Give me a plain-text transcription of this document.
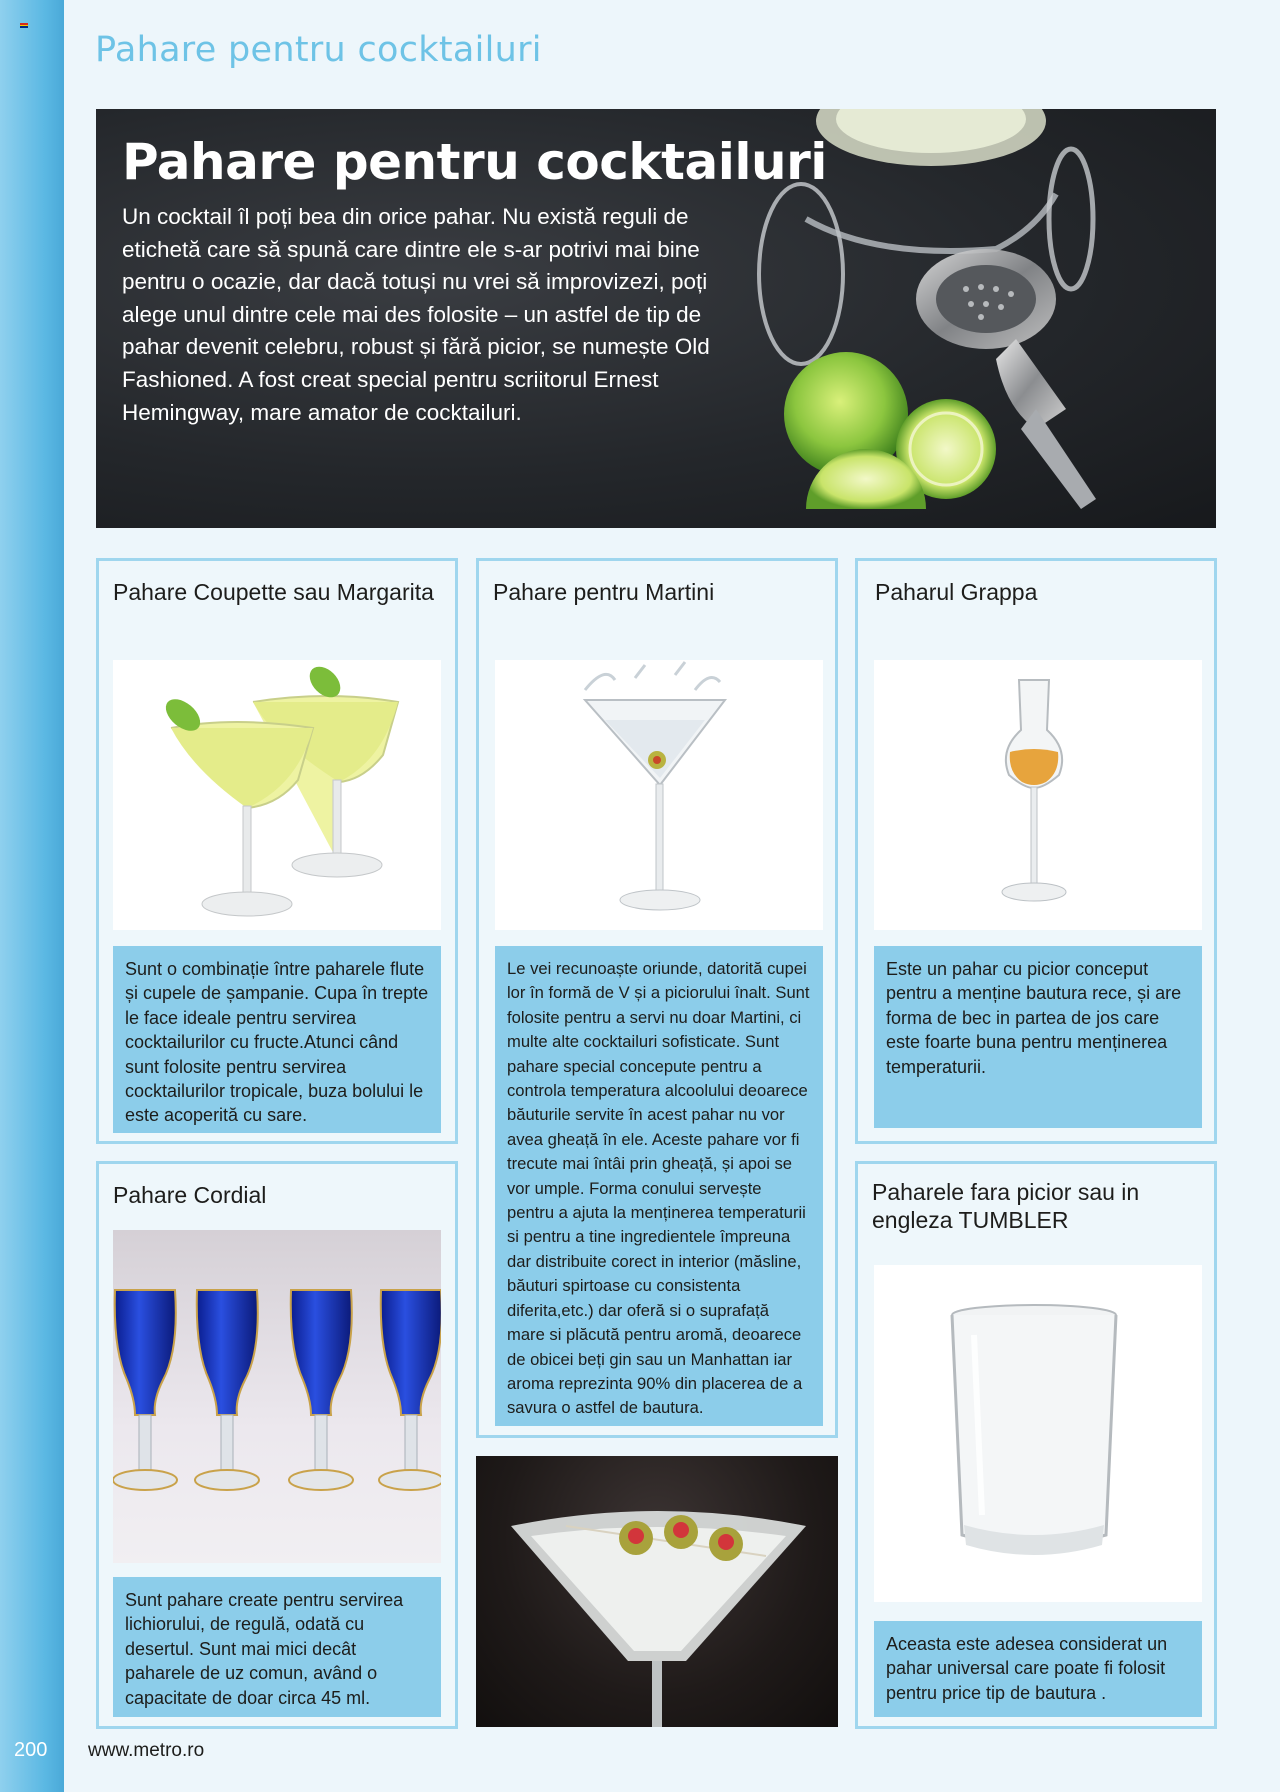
200
Pahare pentru cocktailuri
Pahare pentru cocktailuri
Un cocktail îl poți bea din orice pahar. Nu există reguli de etichetă care să spună care dintre ele s-ar potrivi mai bine pentru o ocazie, dar dacă totuși nu vrei să improvizezi, poți alege unul dintre cele mai des folosite – un astfel de tip de pahar devenit celebru, robust și fără picior, se numește Old Fashioned. A fost creat special pentru scriitorul Ernest Hemingway, mare amator de cocktailuri.
Pahare Coupette sau Margarita
Sunt o combinație între paharele flute și cupele de șampanie. Cupa în trepte le face ideale pentru servirea cocktailurilor cu fructe.Atunci când sunt folosite pentru servirea cocktailurilor tropicale, buza bolului le este acoperită cu sare.
Pahare pentru Martini
Le vei recunoaște oriunde, datorită cupei lor în formă de V și a piciorului înalt. Sunt folosite pentru a servi nu doar Martini, ci multe alte cocktailuri sofisticate. Sunt pahare special concepute pentru a controla temperatura alcoolului deoarece băuturile servite în acest pahar nu vor avea gheață în ele. Aceste pahare vor fi trecute mai întâi prin gheață, și apoi se vor umple. Forma conului servește pentru a ajuta la menținerea temperaturii si pentru a tine ingredientele împreuna dar distribuite corect in interior (măsline, băuturi spirtoase cu consistenta diferita,etc.) dar oferă si o suprafață mare si plăcută pentru aromă, deoarece de obicei beți gin sau un Manhattan iar aroma reprezinta 90% din placerea de a savura o astfel de bautura.
Paharul Grappa
Este un pahar cu picior conceput pentru a menține bautura rece, și are forma de bec in partea de jos care este foarte buna pentru menținerea temperaturii.
Pahare Cordial
Sunt pahare create pentru servirea lichiorului, de regulă, odată cu desertul. Sunt mai mici decât paharele de uz comun, având o capacitate de doar circa 45 ml.
Paharele fara picior sau in engleza TUMBLER
Aceasta este adesea considerat un pahar universal care poate fi folosit pentru price tip de bautura .
www.metro.ro
